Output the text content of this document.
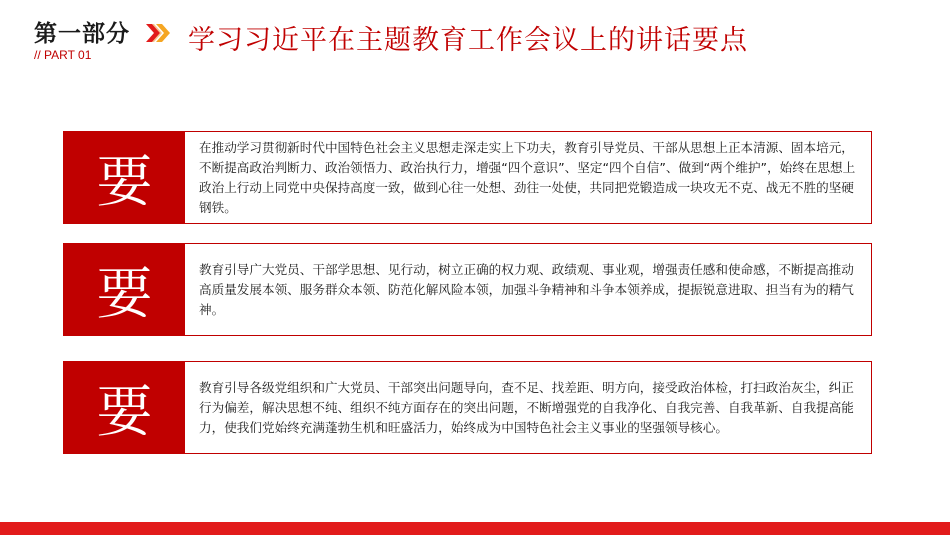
第一部分
// PART 01	学习习近平在主题教育工作会议上的讲话要点
要
在推动学习贯彻新时代中国特色社会主义思想走深走实上下功夫，教育引导党员、干部从思想上正本清源、固本培元，不断提高政治判断力、政治领悟力、政治执行力，增强“四个意识”、坚定“四个自信”、做到“两个维护”，始终在思想上政治上行动上同党中央保持高度一致，做到心往一处想、劲往一处使，共同把党锻造成一块攻无不克、战无不胜的坚硬钢铁。
要	教育引导广大党员、干部学思想、见行动，树立正确的权力观、政绩观、事业观，增强责任感和使命感，不断提高推动高质量发展本领、服务群众本领、防范化解风险本领，加强斗争精神和斗争本领养成，提振锐意进取、担当有为的精气神。
要	教育引导各级党组织和广大党员、干部突出问题导向，查不足、找差距、明方向，接受政治体检，打扫政治灰尘，纠正行为偏差，解决思想不纯、组织不纯方面存在的突出问题，不断增强党的自我净化、自我完善、自我革新、自我提高能力，使我们党始终充满蓬勃生机和旺盛活力，始终成为中国特色社会主义事业的坚强领导核心。
